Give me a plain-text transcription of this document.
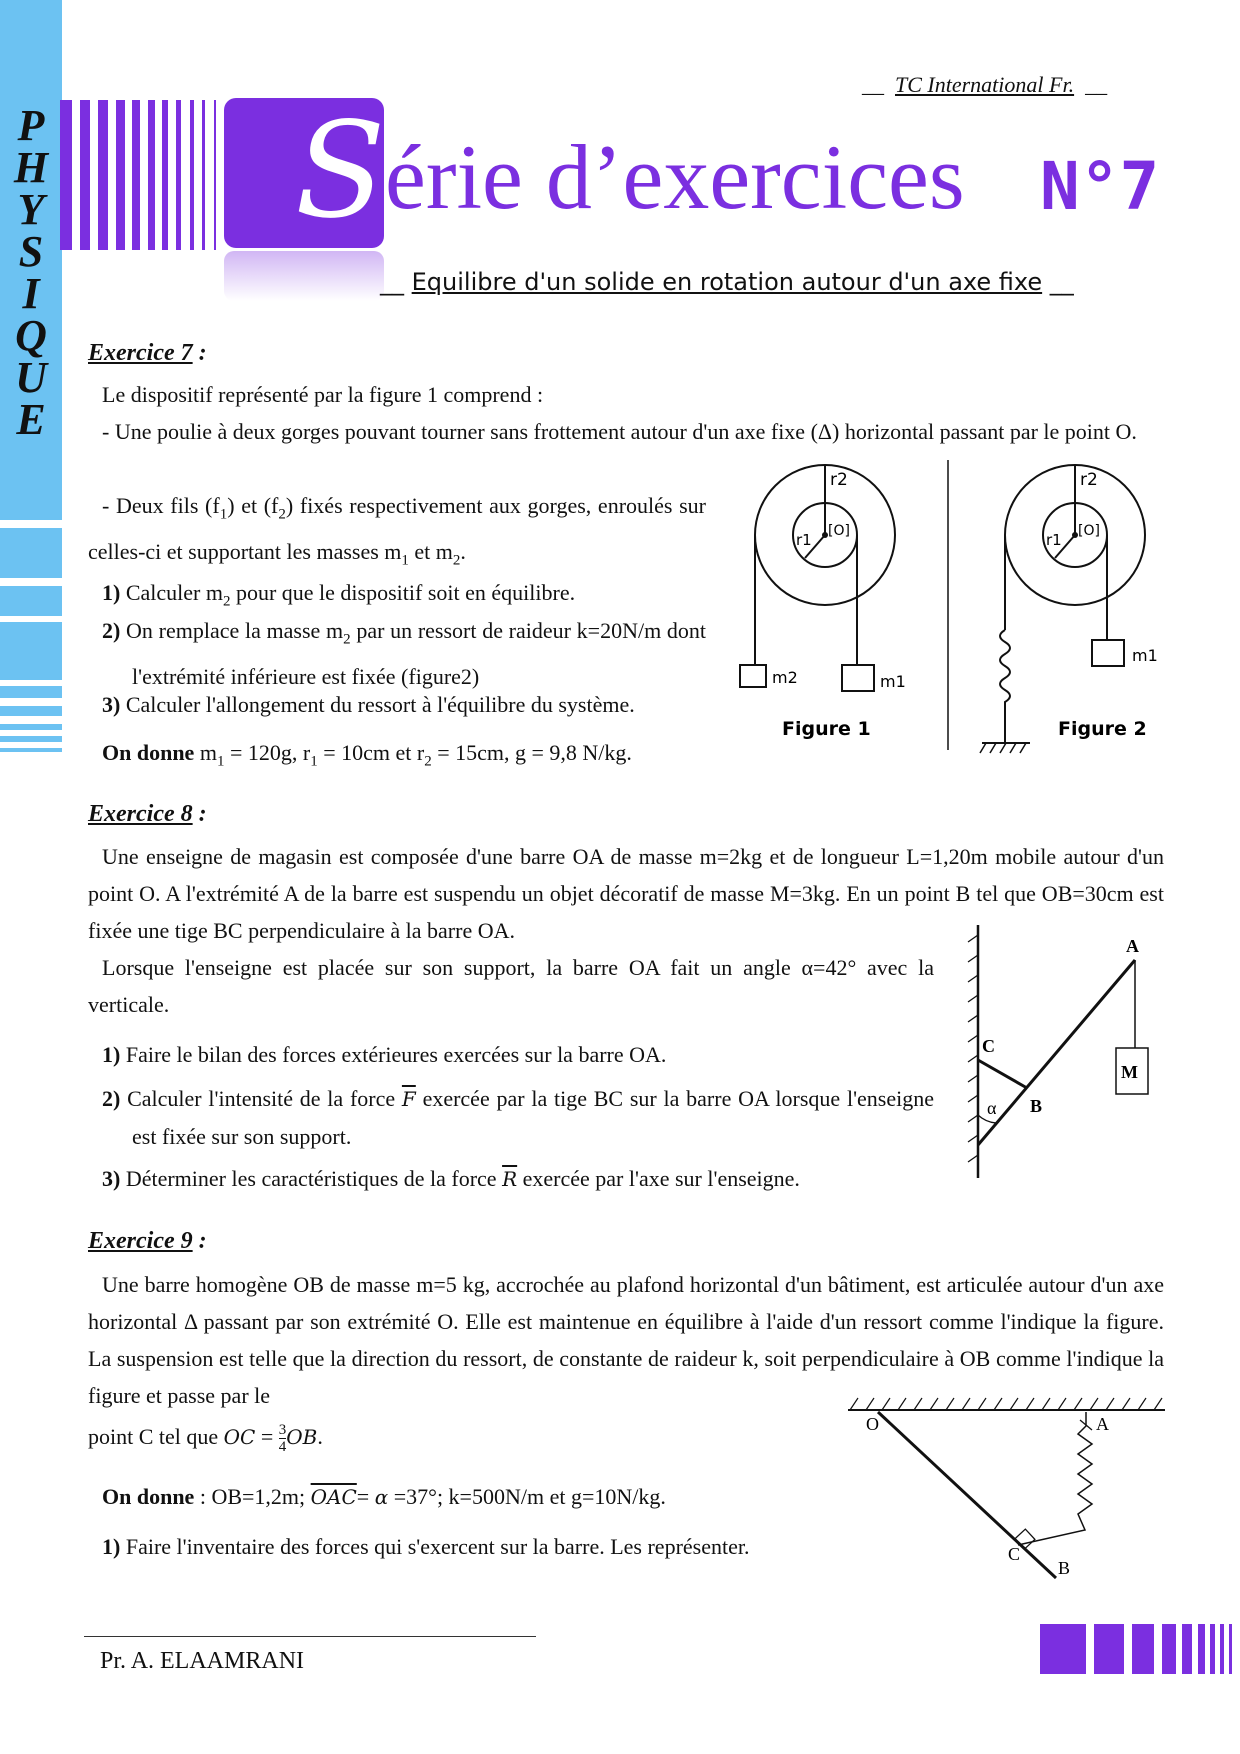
P
H
Y
S
I
Q
U
E
S
__  TC International Fr.  __
érie d’exercices N°7
__ Equilibre d'un solide en rotation autour d'un axe fixe __
Exercice 7 :
Le dispositif représenté par la figure 1 comprend :
- Une poulie à deux gorges pouvant tourner sans frottement autour d'un axe fixe (Δ) horizontal passant par le point O.
- Deux fils $(f_1)$ et $(f_2)$ fixés respectivement aux gorges, enroulés sur celles-ci et supportant les masses $m_1$ et $m_2$.
1) Calculer $m_2$ pour que le dispositif soit en équilibre.
2) On remplace la masse $m_2$ par un ressort de raideur k=20N/m dont l'extrémité inférieure est fixée (figure2)
3) Calculer l'allongement du ressort à l'équilibre du système.
On donne $m_1 = 120g$, $r_1 = 10cm$ et $r_2 = 15cm$, g = 9,8 N/kg.
r2
r1 [O]
m2	m1
Figure 1
r2
r1 [O]
m1
Figure 2
Exercice 8 :
Une enseigne de magasin est composée d'une barre OA de masse m=2kg et de longueur L=1,20m mobile autour d'un point O. A l'extrémité A de la barre est suspendu un objet décoratif de masse M=3kg. En un point B tel que OB=30cm est fixée une tige BC perpendiculaire à la barre OA.
Lorsque l'enseigne est placée sur son support, la barre OA fait un angle α=42° avec la verticale.
1) Faire le bilan des forces extérieures exercées sur la barre OA.
2) Calculer l'intensité de la force $\overline{F}$ exercée par la tige BC sur la barre OA lorsque l'enseigne est fixée sur son support.
3) Déterminer les caractéristiques de la force $\overline{R}$ exercée par l'axe sur l'enseigne.
A
C
B
α
M
Exercice 9 :
Une barre homogène OB de masse m=5 kg, accrochée au plafond horizontal d'un bâtiment, est articulée autour d'un axe horizontal Δ passant par son extrémité O. Elle est maintenue en équilibre à l'aide d'un ressort comme l'indique la figure. La suspension est telle que la direction du ressort, de constante de raideur k, soit perpendiculaire à OB comme l'indique la figure et passe par le
point C tel que OC = $\frac{3}{4}$ OB.
On donne : OB=1,2m; $\overline{OAC}= \alpha =37^\circ$; k=500N/m et g=10N/kg.
1) Faire l'inventaire des forces qui s'exercent sur la barre. Les représenter.
O	A
C
B
Pr. A. ELAAMRANI
